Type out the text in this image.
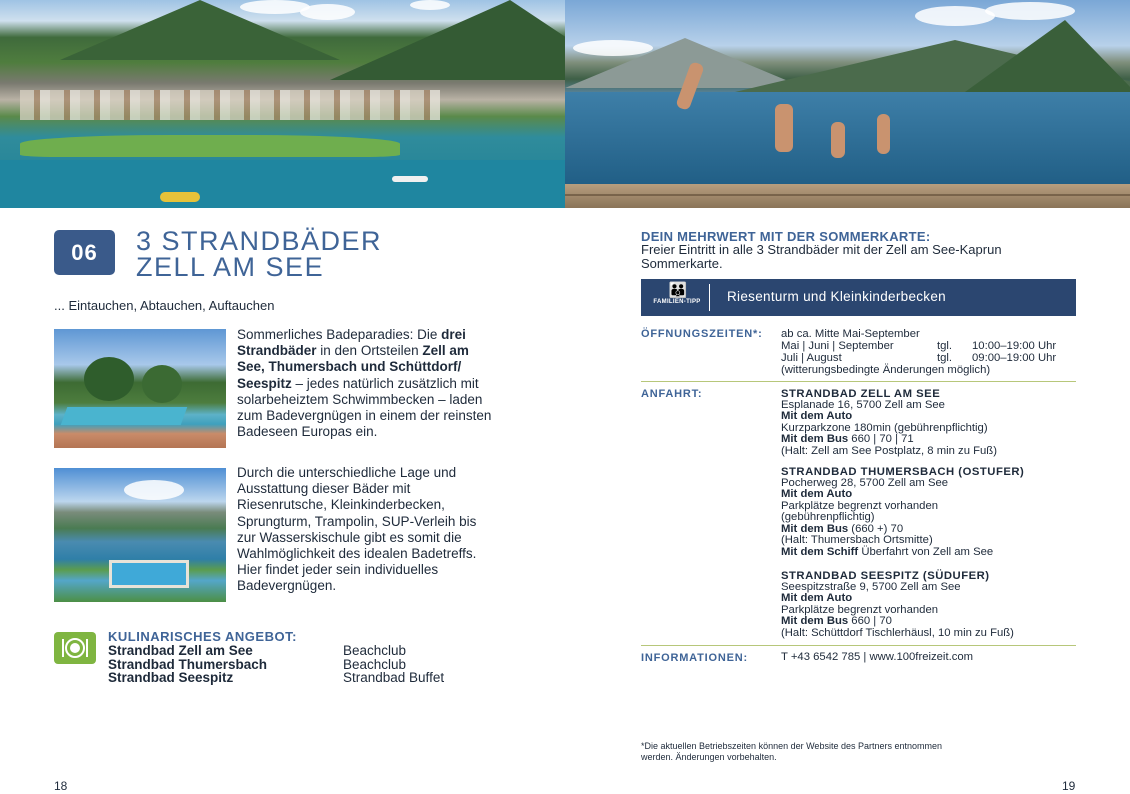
06	3 STRANDBÄDER
ZELL AM SEE
... Eintauchen, Abtauchen, Auftauchen
Sommerliches Badeparadies: Die drei Strandbäder in den Ortsteilen Zell am See, Thumersbach und Schüttdorf/ Seespitz – jedes natürlich zusätzlich mit solarbeheiztem Schwimmbecken – laden zum Badevergnügen in einem der reinsten Badeseen Europas ein.
Durch die unterschiedliche Lage und Ausstattung dieser Bäder mit Riesenrutsche, Kleinkinderbecken, Sprungturm, Trampolin, SUP-Verleih bis zur Wasserskischule gibt es somit die Wahlmöglichkeit des idealen Badetreffs. Hier findet jeder sein individuelles Badevergnügen.
KULINARISCHES ANGEBOT:
Strandbad Zell am See	Beachclub
Strandbad Thumersbach	Beachclub
Strandbad Seespitz	Strandbad Buffet
18
DEIN MEHRWERT MIT DER SOMMERKARTE:
Freier Eintritt in alle 3 Strandbäder mit der Zell am See-Kaprun Sommerkarte.
👪
FAMILIEN-TIPP Riesenturm und Kleinkinderbecken
ÖFFNUNGSZEITEN*: ab ca. Mitte Mai-September
Mai | Juni | September	tgl. 10:00–19:00 Uhr
Juli | August	tgl. 09:00–19:00 Uhr
(witterungsbedingte Änderungen möglich)
ANFAHRT:	STRANDBAD ZELL AM SEE
Esplanade 16, 5700 Zell am See
Mit dem Auto
Kurzparkzone 180min (gebührenpflichtig)
Mit dem Bus 660 | 70 | 71
(Halt: Zell am See Postplatz, 8 min zu Fuß)
STRANDBAD THUMERSBACH (OSTUFER)
Pocherweg 28, 5700 Zell am See
Mit dem Auto
Parkplätze begrenzt vorhanden
(gebührenpflichtig)
Mit dem Bus (660 +) 70
(Halt: Thumersbach Ortsmitte)
Mit dem Schiff Überfahrt von Zell am See
STRANDBAD SEESPITZ (SÜDUFER)
Seespitzstraße 9, 5700 Zell am See
Mit dem Auto
Parkplätze begrenzt vorhanden
Mit dem Bus 660 | 70
(Halt: Schüttdorf Tischlerhäusl, 10 min zu Fuß)
INFORMATIONEN:	T +43 6542 785 | www.100freizeit.com
*Die aktuellen Betriebszeiten können der Website des Partners entnommen werden. Änderungen vorbehalten.
19
